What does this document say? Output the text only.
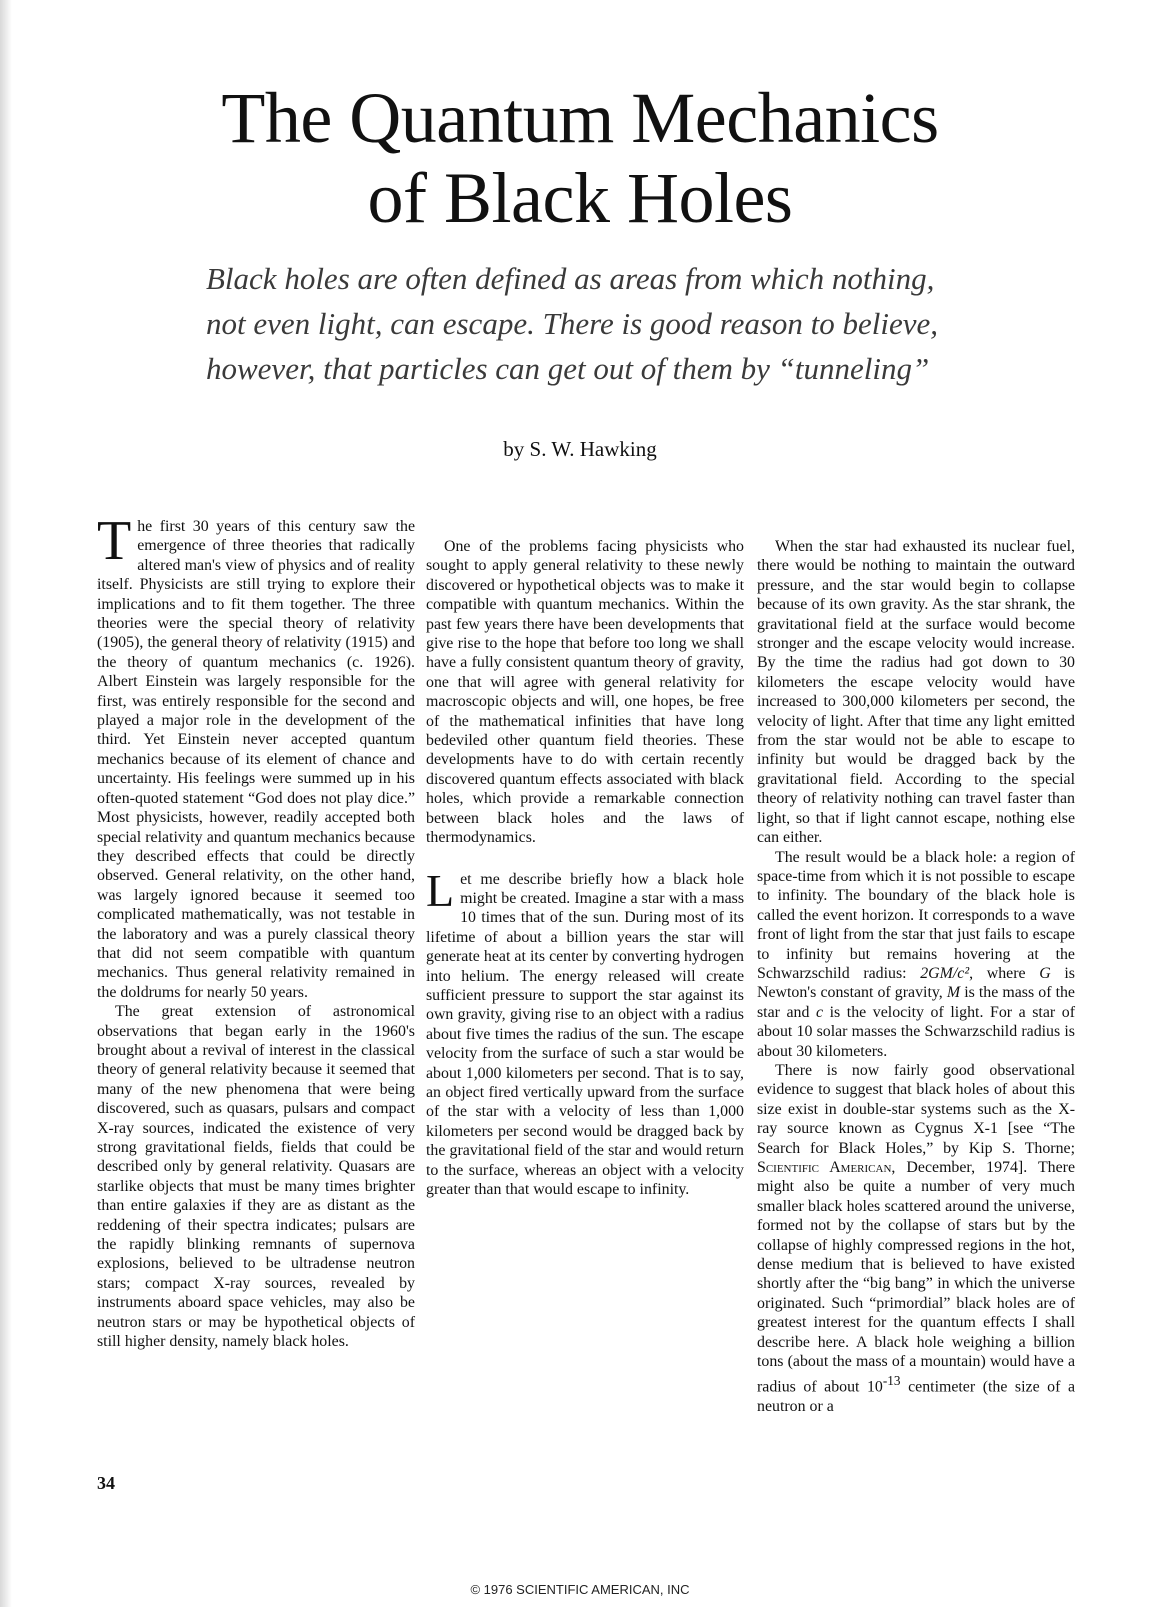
The Quantum Mechanics
of Black Holes
Black holes are often defined as areas from which nothing,
not even light, can escape. There is good reason to believe,
however, that particles can get out of them by “tunneling”
by S. W. Hawking

The first 30 years of this century saw the emergence of three theories that radically altered man's view of physics and of reality itself. Physicists are still trying to explore their implications and to fit them together. The three theories were the special theory of relativity (1905), the general theory of relativity (1915) and the theory of quantum mechanics (c. 1926). Albert Einstein was largely responsible for the first, was entirely responsible for the second and played a major role in the development of the third. Yet Einstein never accepted quantum mechanics because of its element of chance and uncertainty. His feelings were summed up in his often-quoted statement “God does not play dice.” Most physicists, however, readily accepted both special relativity and quantum mechanics because they described effects that could be directly observed. General relativity, on the other hand, was largely ignored because it seemed too complicated mathematically, was not testable in the laboratory and was a purely classical theory that did not seem compatible with quantum mechanics. Thus general relativity remained in the doldrums for nearly 50 years.

The great extension of astronomical observations that began early in the 1960's brought about a revival of interest in the classical theory of general relativity because it seemed that many of the new phenomena that were being discovered, such as quasars, pulsars and compact X-ray sources, indicated the existence of very strong gravitational fields, fields that could be described only by general relativity. Quasars are starlike objects that must be many times brighter than entire galaxies if they are as distant as the reddening of their spectra indicates; pulsars are the rapidly blinking remnants of supernova explosions, believed to be ultradense neutron stars; compact X-ray sources, revealed by instruments aboard space vehicles, may also be neutron stars or may be hypothetical objects of still higher density, namely black holes.

One of the problems facing physicists who sought to apply general relativity to these newly discovered or hypothetical objects was to make it compatible with quantum mechanics. Within the past few years there have been developments that give rise to the hope that before too long we shall have a fully consistent quantum theory of gravity, one that will agree with general relativity for macroscopic objects and will, one hopes, be free of the mathematical infinities that have long bedeviled other quantum field theories. These developments have to do with certain recently discovered quantum effects associated with black holes, which provide a remarkable connection between black holes and the laws of thermodynamics.

Let me describe briefly how a black hole might be created. Imagine a star with a mass 10 times that of the sun. During most of its lifetime of about a billion years the star will generate heat at its center by converting hydrogen into helium. The energy released will create sufficient pressure to support the star against its own gravity, giving rise to an object with a radius about five times the radius of the sun. The escape velocity from the surface of such a star would be about 1,000 kilometers per second. That is to say, an object fired vertically upward from the surface of the star with a velocity of less than 1,000 kilometers per second would be dragged back by the gravitational field of the star and would return to the surface, whereas an object with a velocity greater than that would escape to infinity.

When the star had exhausted its nuclear fuel, there would be nothing to maintain the outward pressure, and the star would begin to collapse because of its own gravity. As the star shrank, the gravitational field at the surface would become stronger and the escape velocity would increase. By the time the radius had got down to 30 kilometers the escape velocity would have increased to 300,000 kilometers per second, the velocity of light. After that time any light emitted from the star would not be able to escape to infinity but would be dragged back by the gravitational field. According to the special theory of relativity nothing can travel faster than light, so that if light cannot escape, nothing else can either.

The result would be a black hole: a region of space-time from which it is not possible to escape to infinity. The boundary of the black hole is called the event horizon. It corresponds to a wave front of light from the star that just fails to escape to infinity but remains hovering at the Schwarzschild radius: 2GM/c², where G is Newton's constant of gravity, M is the mass of the star and c is the velocity of light. For a star of about 10 solar masses the Schwarzschild radius is about 30 kilometers.

There is now fairly good observational evidence to suggest that black holes of about this size exist in double-star systems such as the X-ray source known as Cygnus X-1 [see “The Search for Black Holes,” by Kip S. Thorne; Scientific American, December, 1974]. There might also be quite a number of very much smaller black holes scattered around the universe, formed not by the collapse of stars but by the collapse of highly compressed regions in the hot, dense medium that is believed to have existed shortly after the “big bang” in which the universe originated. Such “primordial” black holes are of greatest interest for the quantum effects I shall describe here. A black hole weighing a billion tons (about the mass of a mountain) would have a radius of about $10^{-13}$ centimeter (the size of a neutron or a

34
© 1976 SCIENTIFIC AMERICAN, INC
